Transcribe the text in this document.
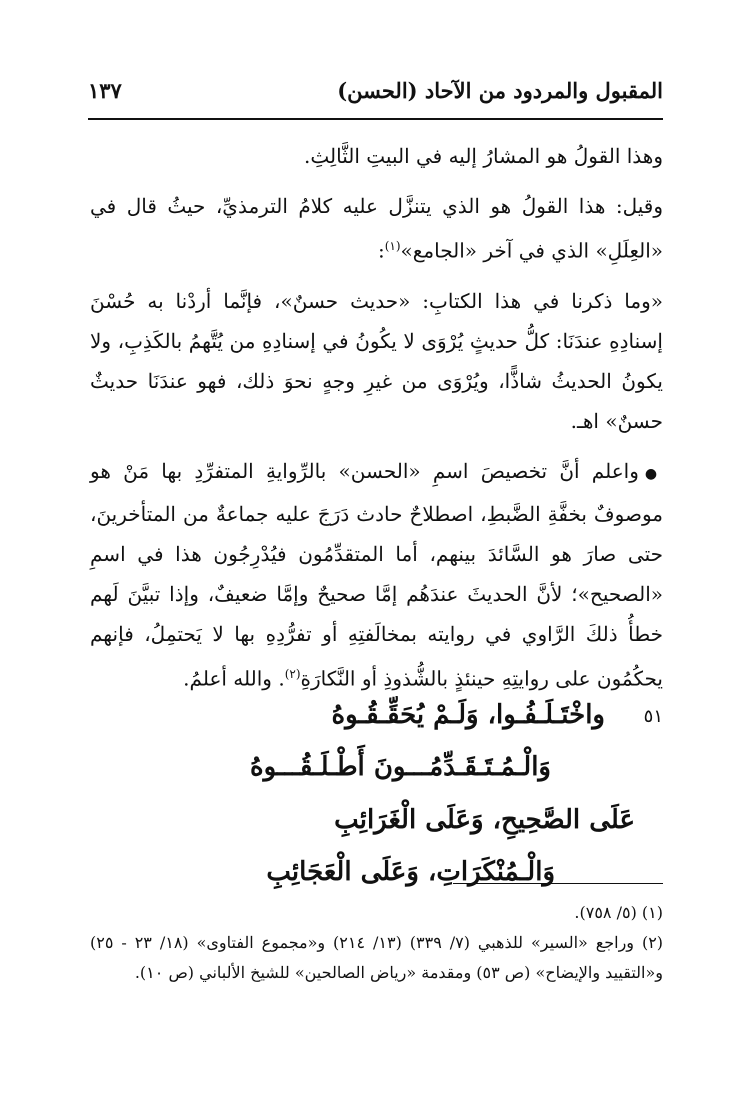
المقبول والمردود من الآحاد (الحسن)
١٣٧

وهذا القولُ هو المشارُ إليه في البيتِ الثَّالِثِ.

وقيل: هذا القولُ هو الذي يتنزَّل عليه كلامُ الترمذيِّ، حيثُ قال في «العِلَلِ» الذي في آخر «الجامع»$^{(١)}$:

«وما ذكرنا في هذا الكتابِ: «حديث حسنٌ»، فإنَّما أردْنا به حُسْنَ إسنادِهِ عندَنَا: كلُّ حديثٍ يُرْوَى لا يكُونُ في إسنادِهِ من يُتَّهمُ بالكَذِبِ، ولا يكونُ الحديثُ شاذًّا، ويُرْوَى من غيرِ وجهٍ نحوَ ذلك، فهو عندَنَا حديثٌ حسنٌ» اهـ.

●واعلم أنَّ تخصيصَ اسمِ «الحسن» بالرِّوايةِ المتفرِّدِ بها مَنْ هو موصوفٌ بخفَّةِ الضَّبطِ، اصطلاحٌ حادث دَرَجَ عليه جماعةٌ من المتأخرينَ، حتى صارَ هو السَّائدَ بينهم، أما المتقدِّمُون فيُدْرِجُون هذا في اسمِ «الصحيح»؛ لأنَّ الحديثَ عندَهُم إمَّا صحيحٌ وإمَّا ضعيفٌ، وإذا تبيَّنَ لَهم خطأُ ذلكَ الرَّاوي في روايته بمخالَفتِهِ أو تفرُّدِهِ بها لا يَحتمِلُ، فإنهم يحكُمُون على روايتِهِ حينئذٍ بالشُّذوذِ أو النَّكارَةِ$^{(٢)}$. والله أعلمُ.

٥١
واخْتَـلَـفُـوا، وَلَـمْ يُحَقِّـقُـوهُ
وَالْـمُـتَـقَـدِّمُـــونَ أَطْـلَـقُـــوهُ
عَلَى الصَّحِيحِ، وَعَلَى الْغَرَائِبِ
وَالْـمُنْكَرَاتِ، وَعَلَى الْعَجَائِبِ

(١) (٥/ ٧٥٨).

(٢) وراجع «السير» للذهبي (٧/ ٣٣٩) (١٣/ ٢١٤) و«مجموع الفتاوى» (١٨/ ٢٣ - ٢٥) و«التقييد والإيضاح» (ص ٥٣) ومقدمة «رياض الصالحين» للشيخ الألباني (ص ١٠).
